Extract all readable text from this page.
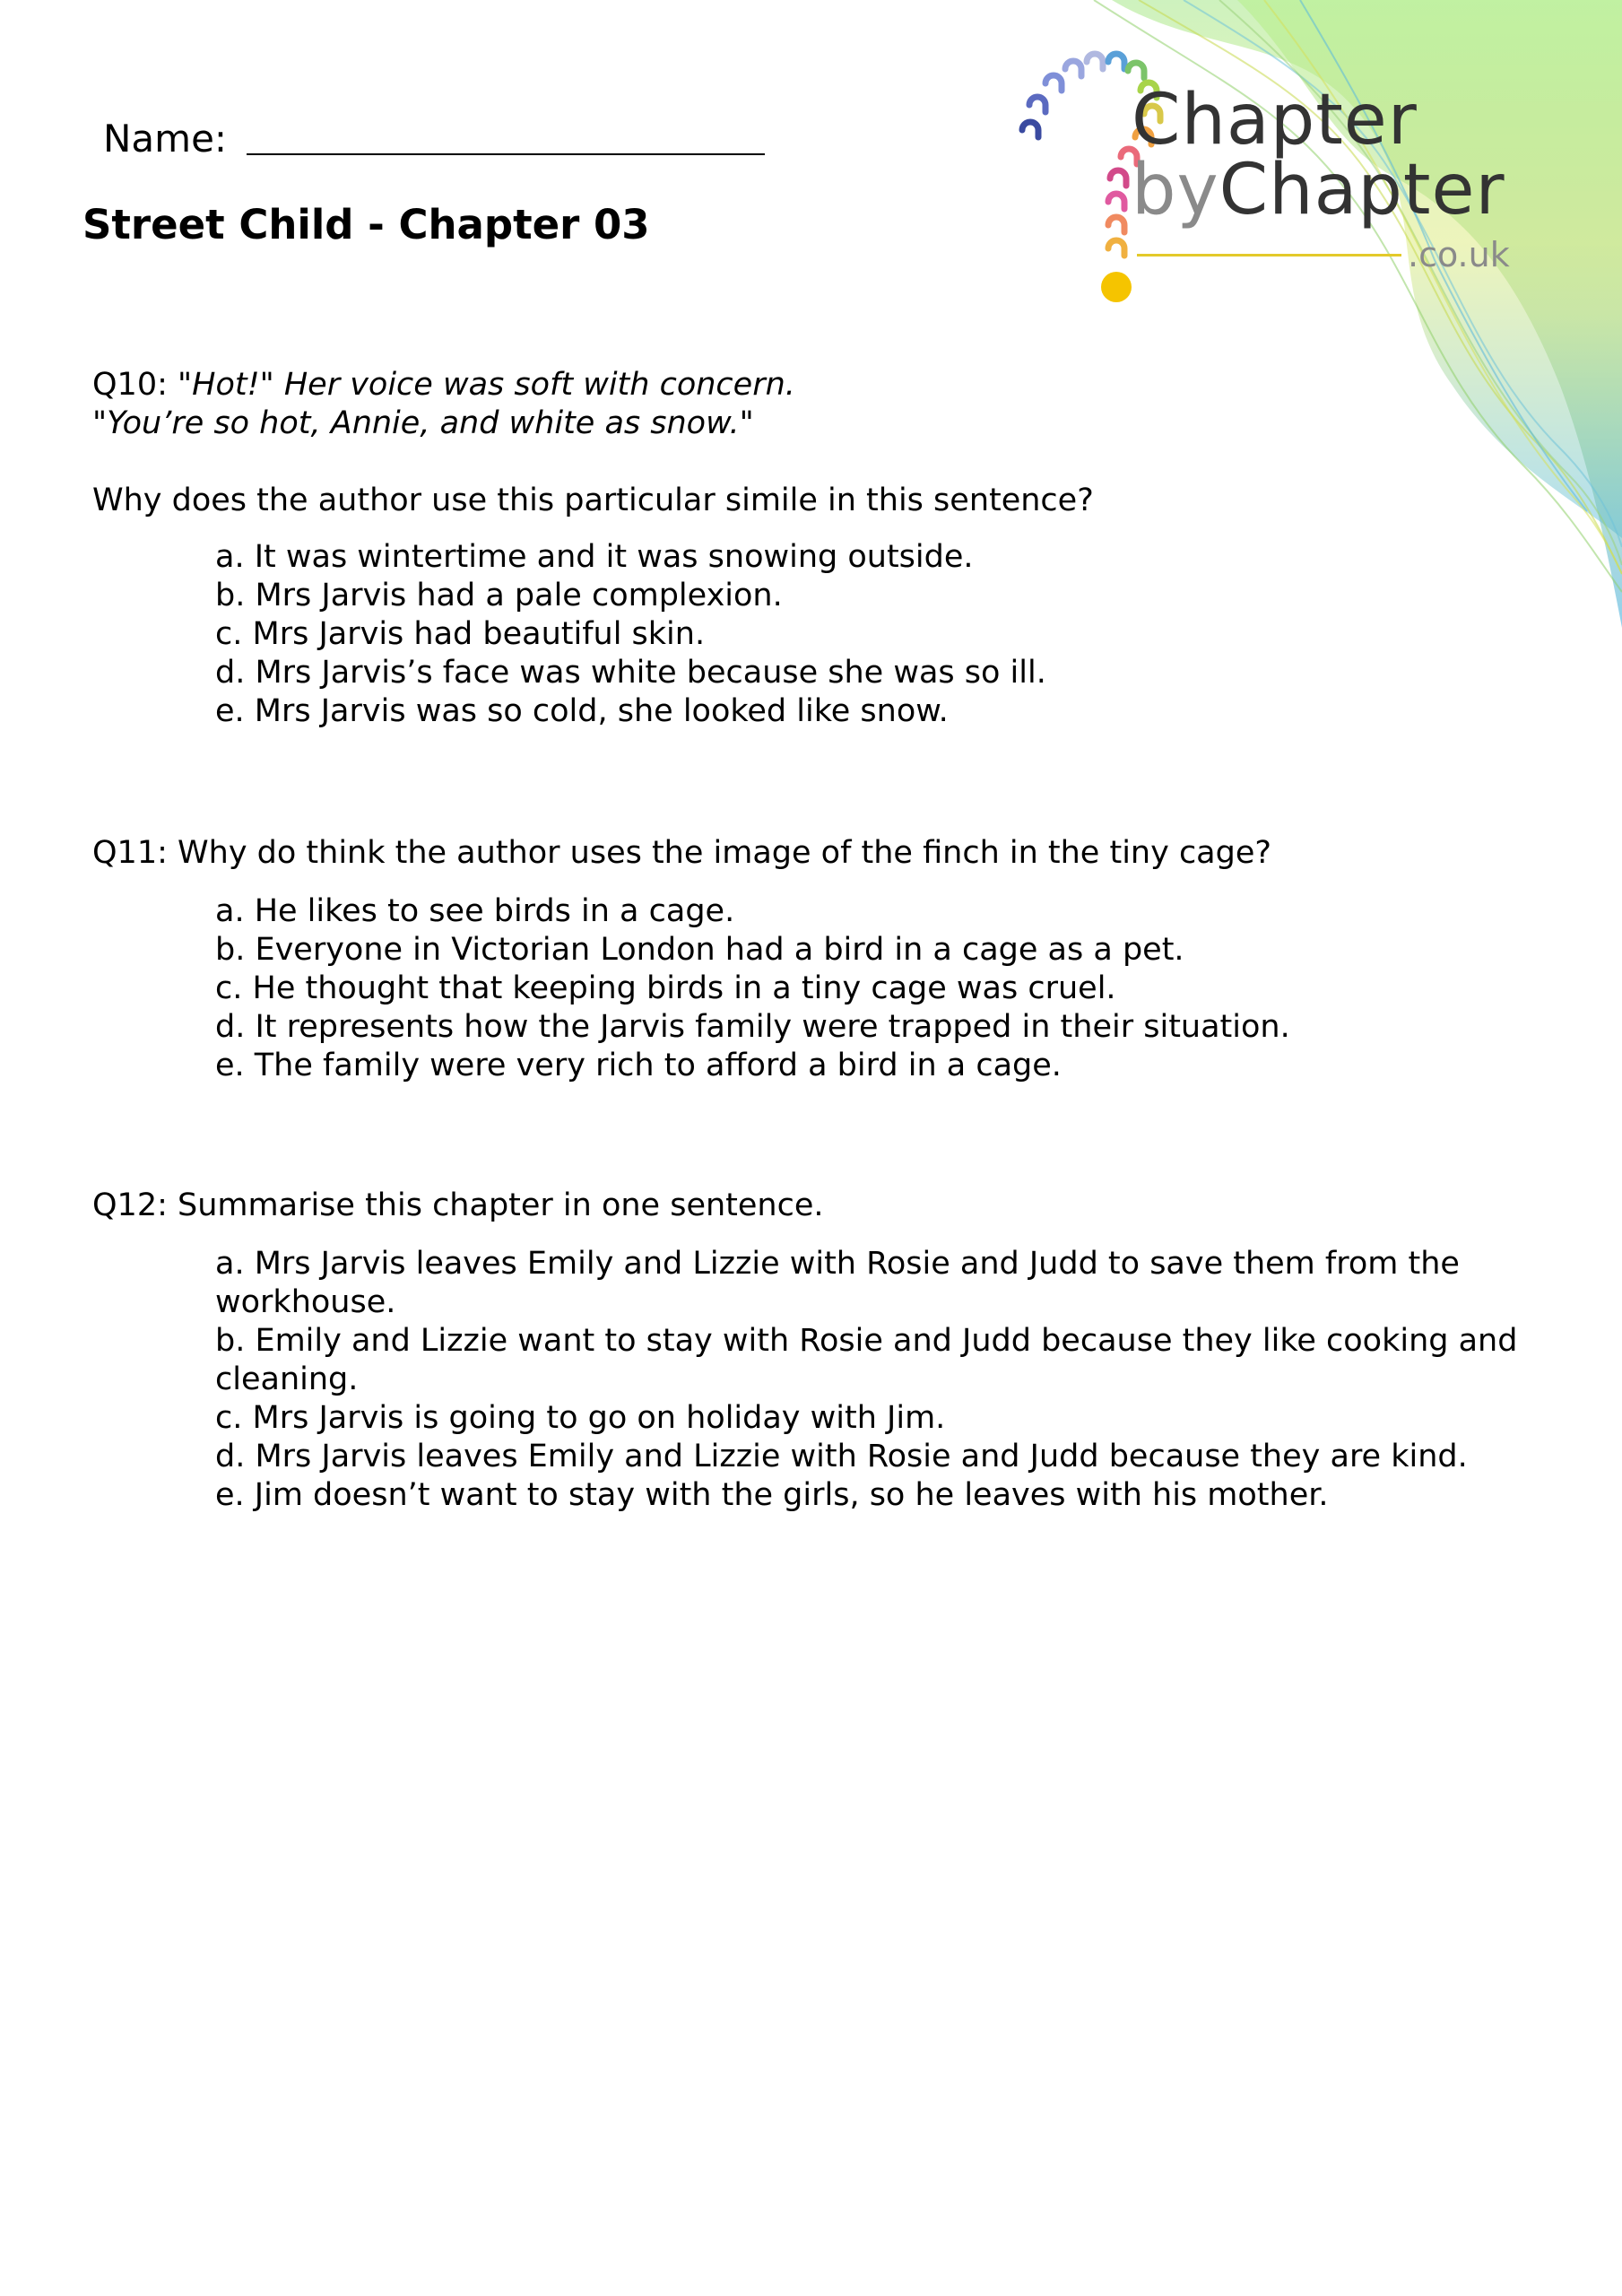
Chapter
byChapter
.co.uk
Name:
Street Child - Chapter 03
Q10: "Hot!" Her voice was soft with concern.
"You’re so hot, Annie, and white as snow."
Why does the author use this particular simile in this sentence?
a. It was wintertime and it was snowing outside.
b. Mrs Jarvis had a pale complexion.
c. Mrs Jarvis had beautiful skin.
d. Mrs Jarvis’s face was white because she was so ill.
e. Mrs Jarvis was so cold, she looked like snow.
Q11: Why do think the author uses the image of the finch in the tiny cage?
a. He likes to see birds in a cage.
b. Everyone in Victorian London had a bird in a cage as a pet.
c. He thought that keeping birds in a tiny cage was cruel.
d. It represents how the Jarvis family were trapped in their situation.
e. The family were very rich to afford a bird in a cage.
Q12: Summarise this chapter in one sentence.
a. Mrs Jarvis leaves Emily and Lizzie with Rosie and Judd to save them from the workhouse.
b. Emily and Lizzie want to stay with Rosie and Judd because they like cooking and cleaning.
c. Mrs Jarvis is going to go on holiday with Jim.
d. Mrs Jarvis leaves Emily and Lizzie with Rosie and Judd because they are kind.
e. Jim doesn’t want to stay with the girls, so he leaves with his mother.
